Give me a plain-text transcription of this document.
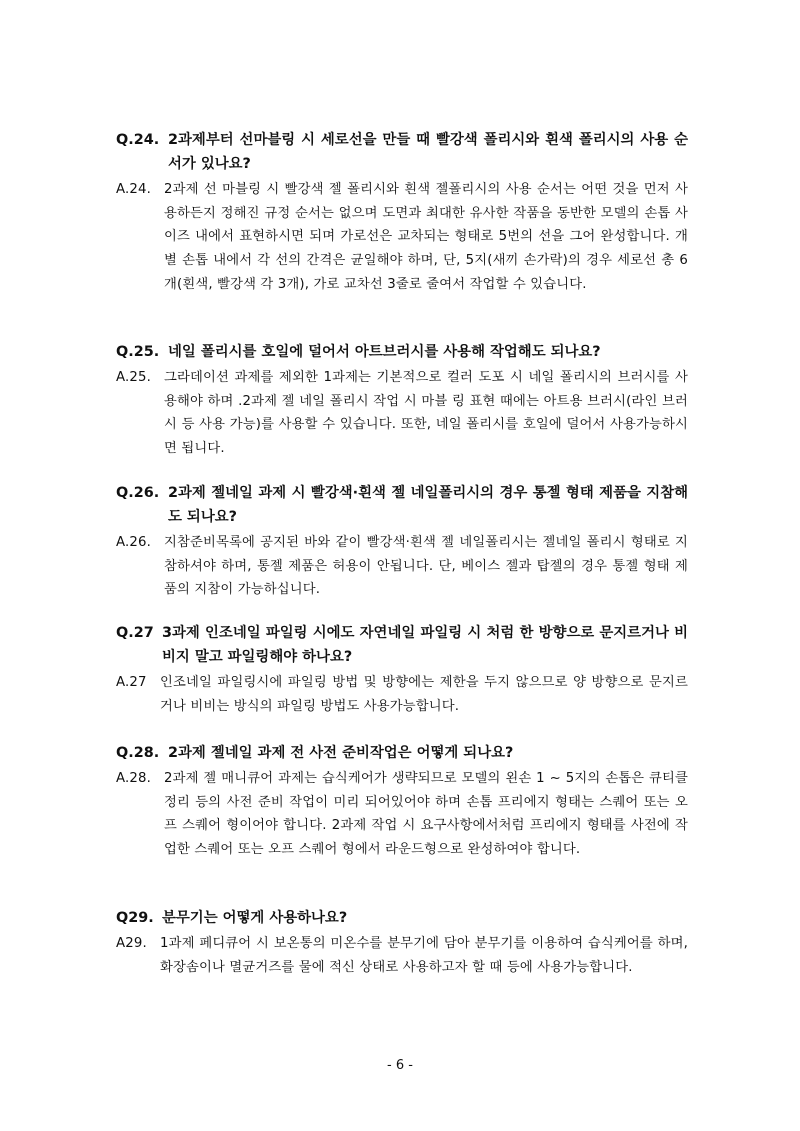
Q.24. 2과제부터 선마블링 시 세로선을 만들 때 빨강색 폴리시와 흰색 폴리시의 사용 순서가 있나요?
A.24. 2과제 선 마블링 시 빨강색 젤 폴리시와 흰색 젤폴리시의 사용 순서는 어떤 것을 먼저 사용하든지 정해진 규정 순서는 없으며 도면과 최대한 유사한 작품을 동반한 모델의 손톱 사이즈 내에서 표현하시면 되며 가로선은 교차되는 형태로 5번의 선을 그어 완성합니다. 개별 손톱 내에서 각 선의 간격은 균일해야 하며, 단, 5지(새끼 손가락)의 경우 세로선 총 6개(흰색, 빨강색 각 3개), 가로 교차선 3줄로 줄여서 작업할 수 있습니다.
Q.25. 네일 폴리시를 호일에 덜어서 아트브러시를 사용해 작업해도 되나요?
A.25. 그라데이션 과제를 제외한 1과제는 기본적으로 컬러 도포 시 네일 폴리시의 브러시를 사용해야 하며 .2과제 젤 네일 폴리시 작업 시 마블 링 표현 때에는 아트용 브러시(라인 브러시 등 사용 가능)를 사용할 수 있습니다. 또한, 네일 폴리시를 호일에 덜어서 사용가능하시면 됩니다.
Q.26. 2과제 젤네일 과제 시 빨강색·흰색 젤 네일폴리시의 경우 통젤 형태 제품을 지참해도 되나요?
A.26. 지참준비목록에 공지된 바와 같이 빨강색·흰색 젤 네일폴리시는 젤네일 폴리시 형태로 지참하셔야 하며, 통젤 제품은 허용이 안됩니다. 단, 베이스 젤과 탑젤의 경우 통젤 형태 제품의 지참이 가능하십니다.
Q.27 3과제 인조네일 파일링 시에도 자연네일 파일링 시 처럼 한 방향으로 문지르거나 비비지 말고 파일링해야 하나요?
A.27	인조네일 파일링시에 파일링 방법 및 방향에는 제한을 두지 않으므로 양 방향으로 문지르거나 비비는 방식의 파일링 방법도 사용가능합니다.
Q.28. 2과제 젤네일 과제 전 사전 준비작업은 어떻게 되나요?
A.28. 2과제 젤 매니큐어 과제는 습식케어가 생략되므로 모델의 왼손 1 ~ 5지의 손톱은 큐티클 정리 등의 사전 준비 작업이 미리 되어있어야 하며 손톱 프리에지 형태는 스퀘어 또는 오프 스퀘어 형이어야 합니다. 2과제 작업 시 요구사항에서처럼 프리에지 형태를 사전에 작업한 스퀘어 또는 오프 스퀘어 형에서 라운드형으로 완성하여야 합니다.
Q29. 분무기는 어떻게 사용하나요?
A29. 1과제 페디큐어 시 보온통의 미온수를 분무기에 담아 분무기를 이용하여 습식케어를 하며, 화장솜이나 멸균거즈를 물에 적신 상태로 사용하고자 할 때 등에 사용가능합니다.
- 6 -
